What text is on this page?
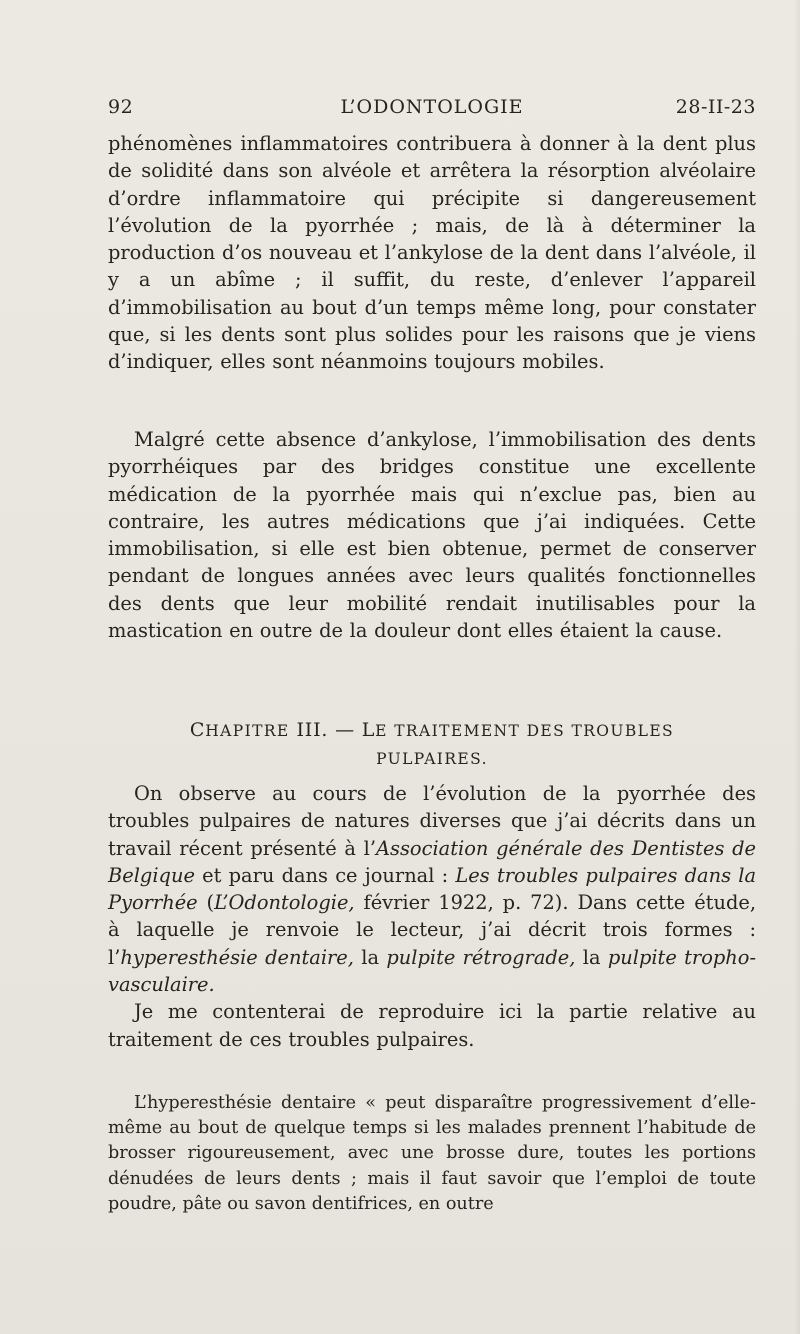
92	L’ODONTOLOGIE	28-II-23

phénomènes inflammatoires contribuera à donner à la dent plus de solidité dans son alvéole et arrêtera la résorption alvéolaire d’ordre inflammatoire qui précipite si dangereusement l’évolution de la pyorrhée ; mais, de là à déterminer la production d’os nouveau et l’ankylose de la dent dans l’alvéole, il y a un abîme ; il suffit, du reste, d’enlever l’appareil d’immobilisation au bout d’un temps même long, pour constater que, si les dents sont plus solides pour les raisons que je viens d’indiquer, elles sont néanmoins toujours mobiles.

Malgré cette absence d’ankylose, l’immobilisation des dents pyorrhéiques par des bridges constitue une excellente médication de la pyorrhée mais qui n’exclue pas, bien au contraire, les autres médications que j’ai indiquées. Cette immobilisation, si elle est bien obtenue, permet de conserver pendant de longues années avec leurs qualités fonctionnelles des dents que leur mobilité rendait inutilisables pour la mastication en outre de la douleur dont elles étaient la cause.

CHAPITRE III. — LE TRAITEMENT DES TROUBLES
PULPAIRES.

On observe au cours de l’évolution de la pyorrhée des troubles pulpaires de natures diverses que j’ai décrits dans un travail récent présenté à l’Association générale des Dentistes de Belgique et paru dans ce journal : Les troubles pulpaires dans la Pyorrhée (L’Odontologie, février 1922, p. 72). Dans cette étude, à laquelle je renvoie le lecteur, j’ai décrit trois formes : l’hyperesthésie dentaire, la pulpite rétrograde, la pulpite tropho-vasculaire.

Je me contenterai de reproduire ici la partie relative au traitement de ces troubles pulpaires.

L’hyperesthésie dentaire « peut disparaître progressivement d’elle-même au bout de quelque temps si les malades prennent l’habitude de brosser rigoureusement, avec une brosse dure, toutes les portions dénudées de leurs dents ; mais il faut savoir que l’emploi de toute poudre, pâte ou savon dentifrices, en outre
